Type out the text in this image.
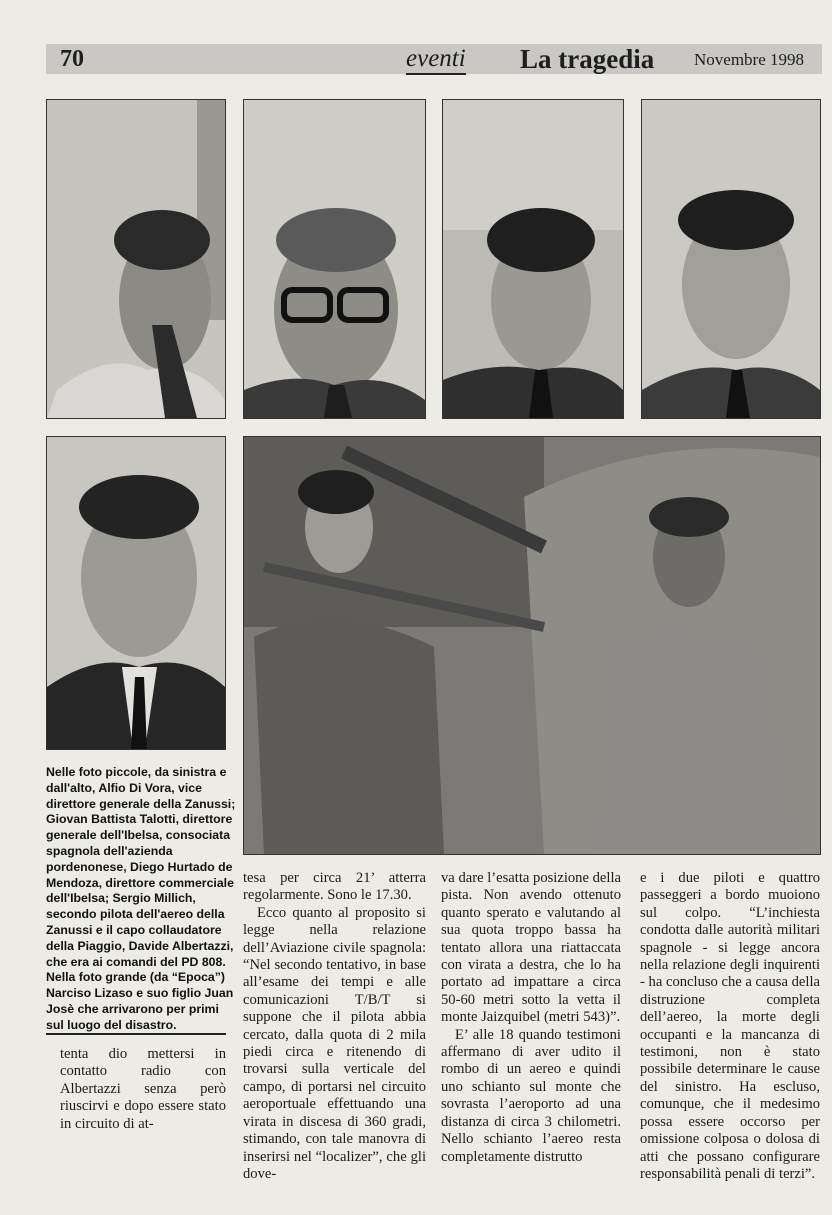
70	eventi La tragedia Novembre 1998

Nelle foto piccole, da sinistra e dall'alto, Alfio Di Vora, vice direttore generale della Zanussi; Giovan Battista Talotti, direttore generale dell'Ibelsa, consociata spagnola dell'azienda pordenonese, Diego Hurtado de Mendoza, direttore commerciale dell'Ibelsa; Sergio Millich, secondo pilota dell'aereo della Zanussi e il capo collaudatore della Piaggio, Davide Albertazzi, che era ai comandi del PD 808.

Nella foto grande (da “Epoca”) Narciso Lizaso e suo figlio Juan Josè che arrivarono per primi sul luogo del disastro.

tenta dio mettersi in contatto radio con Albertazzi senza però riuscirvi e dopo essere stato in circuito di at-

tesa per circa 21’ atterra regolarmente. Sono le 17.30.

Ecco quanto al proposito si legge nella relazione dell’Aviazione civile spagnola: “Nel secondo tentativo, in base all’esame dei tempi e alle comunicazioni T/B/T si suppone che il pilota abbia cercato, dalla quota di 2 mila piedi circa e ritenendo di trovarsi sulla verticale del campo, di portarsi nel circuito aeroportuale effettuando una virata in discesa di 360 gradi, stimando, con tale manovra di inserirsi nel “localizer”, che gli dove-

va dare l’esatta posizione della pista. Non avendo ottenuto quanto sperato e valutando al sua quota troppo bassa ha tentato allora una riattaccata con virata a destra, che lo ha portato ad impattare a circa 50-60 metri sotto la vetta il monte Jaizquibel (metri 543)”.

E’ alle 18 quando testimoni affermano di aver udito il rombo di un aereo e quindi uno schianto sul monte che sovrasta l’aeroporto ad una distanza di circa 3 chilometri. Nello schianto l’aereo resta completamente distrutto

e i due piloti e quattro passeggeri a bordo muoiono sul colpo. “L’inchiesta condotta dalle autorità militari spagnole - si legge ancora nella relazione degli inquirenti - ha concluso che a causa della distruzione completa dell’aereo, la morte degli occupanti e la mancanza di testimoni, non è stato possibile determinare le cause del sinistro. Ha escluso, comunque, che il medesimo possa essere occorso per omissione colposa o dolosa di atti che possano configurare responsabilità penali di terzi”.
